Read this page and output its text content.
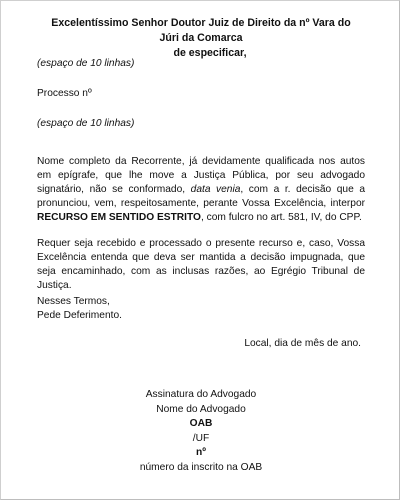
Excelentíssimo Senhor Doutor Juiz de Direito da nº Vara do Júri da Comarca
de especificar,

(espaço de 10 linhas)

Processo nº

(espaço de 10 linhas)

Nome completo da Recorrente, já devidamente qualificada nos autos em epígrafe, que lhe move a Justiça Pública, por seu advogado signatário, não se conformado, data venia, com a r. decisão que a pronunciou, vem, respeitosamente, perante Vossa Excelência, interpor RECURSO EM SENTIDO ESTRITO, com fulcro no art. 581, IV, do CPP.

Requer seja recebido e processado o presente recurso e, caso, Vossa Excelência entenda que deva ser mantida a decisão impugnada, que seja encaminhado, com as inclusas razões, ao Egrégio Tribunal de Justiça.

Nesses Termos,
Pede Deferimento.

Local, dia de mês de ano.
Assinatura do Advogado
Nome do Advogado
OAB
/UF
nº
número da inscrito na OAB
